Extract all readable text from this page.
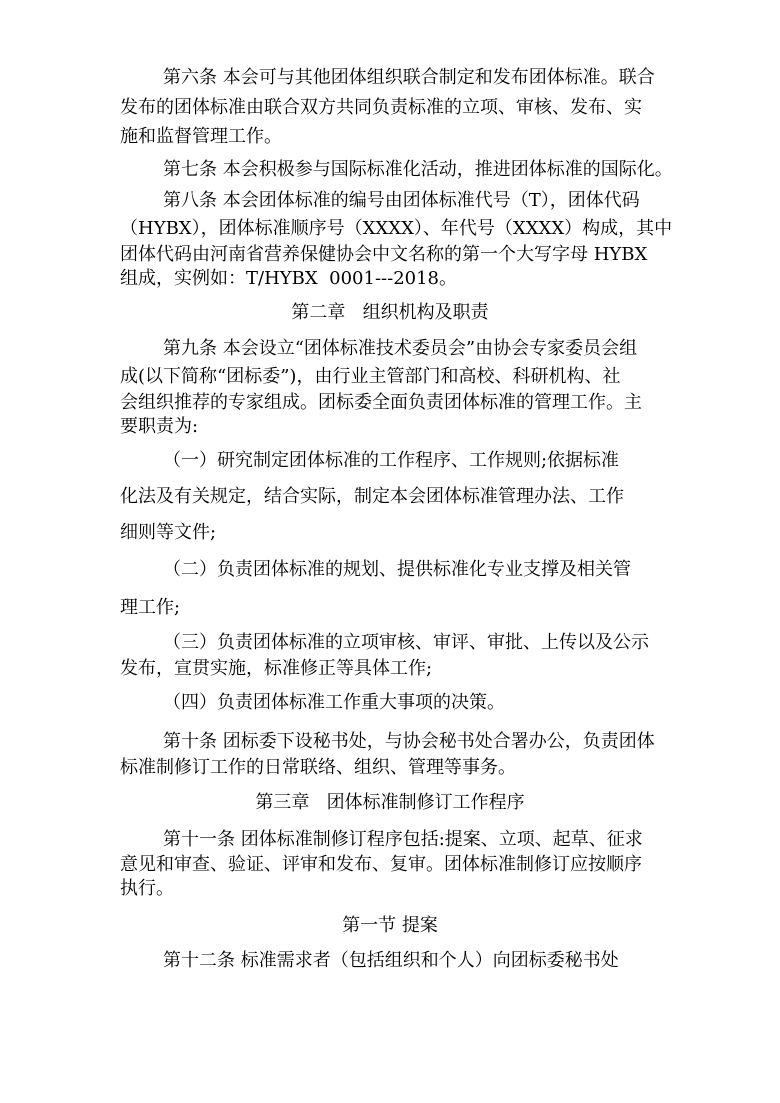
第六条 本会可与其他团体组织联合制定和发布团体标准。联合
发布的团体标准由联合双方共同负责标准的立项、审核、发布、实
施和监督管理工作。
第七条 本会积极参与国际标准化活动，推进团体标准的国际化。
第八条 本会团体标准的编号由团体标准代号（T），团体代码
（HYBX），团体标准顺序号（XXXX）、年代号（XXXX）构成，其中
团体代码由河南省营养保健协会中文名称的第一个大写字母 HYBX
组成，实例如：T/HYBX  0001---2018。
第二章   组织机构及职责
第九条 本会设立“团体标准技术委员会”由协会专家委员会组
成(以下简称“团标委”)，由行业主管部门和高校、科研机构、社
会组织推荐的专家组成。团标委全面负责团体标准的管理工作。主
要职责为:
（一）研究制定团体标准的工作程序、工作规则;依据标准
化法及有关规定，结合实际，制定本会团体标准管理办法、工作
细则等文件;
（二）负责团体标准的规划、提供标准化专业支撑及相关管
理工作;
（三）负责团体标准的立项审核、审评、审批、上传以及公示
发布，宣贯实施，标准修正等具体工作;
（四）负责团体标准工作重大事项的决策。
第十条 团标委下设秘书处，与协会秘书处合署办公，负责团体
标准制修订工作的日常联络、组织、管理等事务。
第三章   团体标准制修订工作程序
第十一条 团体标准制修订程序包括:提案、立项、起草、征求
意见和审查、验证、评审和发布、复审。团体标准制修订应按顺序
执行。
第一节 提案
第十二条 标准需求者（包括组织和个人）向团标委秘书处
